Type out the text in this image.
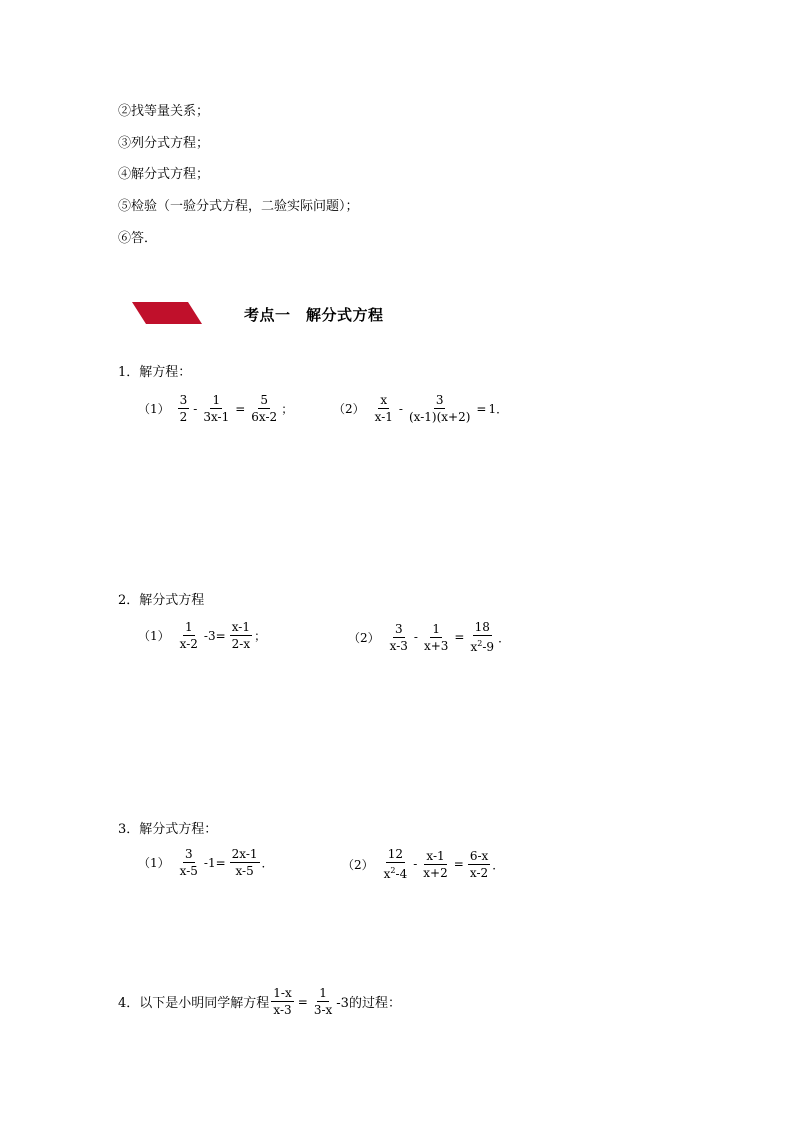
②找等量关系；
③列分式方程；
④解分式方程；
⑤检验（一验分式方程，二验实际问题）；
⑥答．
考点一　解分式方程
1．解方程：
$(1) \frac{3}{2} - \frac{1}{3x-1} = \frac{5}{6x-2}$ ；	$(2) \frac{x}{x-1} - \frac{3}{(x-1)(x+2)} = 1$．
2．解分式方程
$(1) \frac{1}{x-2} -3= \frac{x-1}{2-x}$ ；	$(2) \frac{3}{x-3} - \frac{1}{x+3} = \frac{18}{x^2-9}$ ．
3．解分式方程：
$(1) \frac{3}{x-5} -1= \frac{2x-1}{x-5}$ ．	$(2) \frac{12}{x^2-4} - \frac{x-1}{x+2} = \frac{6-x}{x-2}$ ．
4．以下是小明同学解方程 $\frac{1-x}{x-3} = \frac{1}{3-x} -3$的过程：
